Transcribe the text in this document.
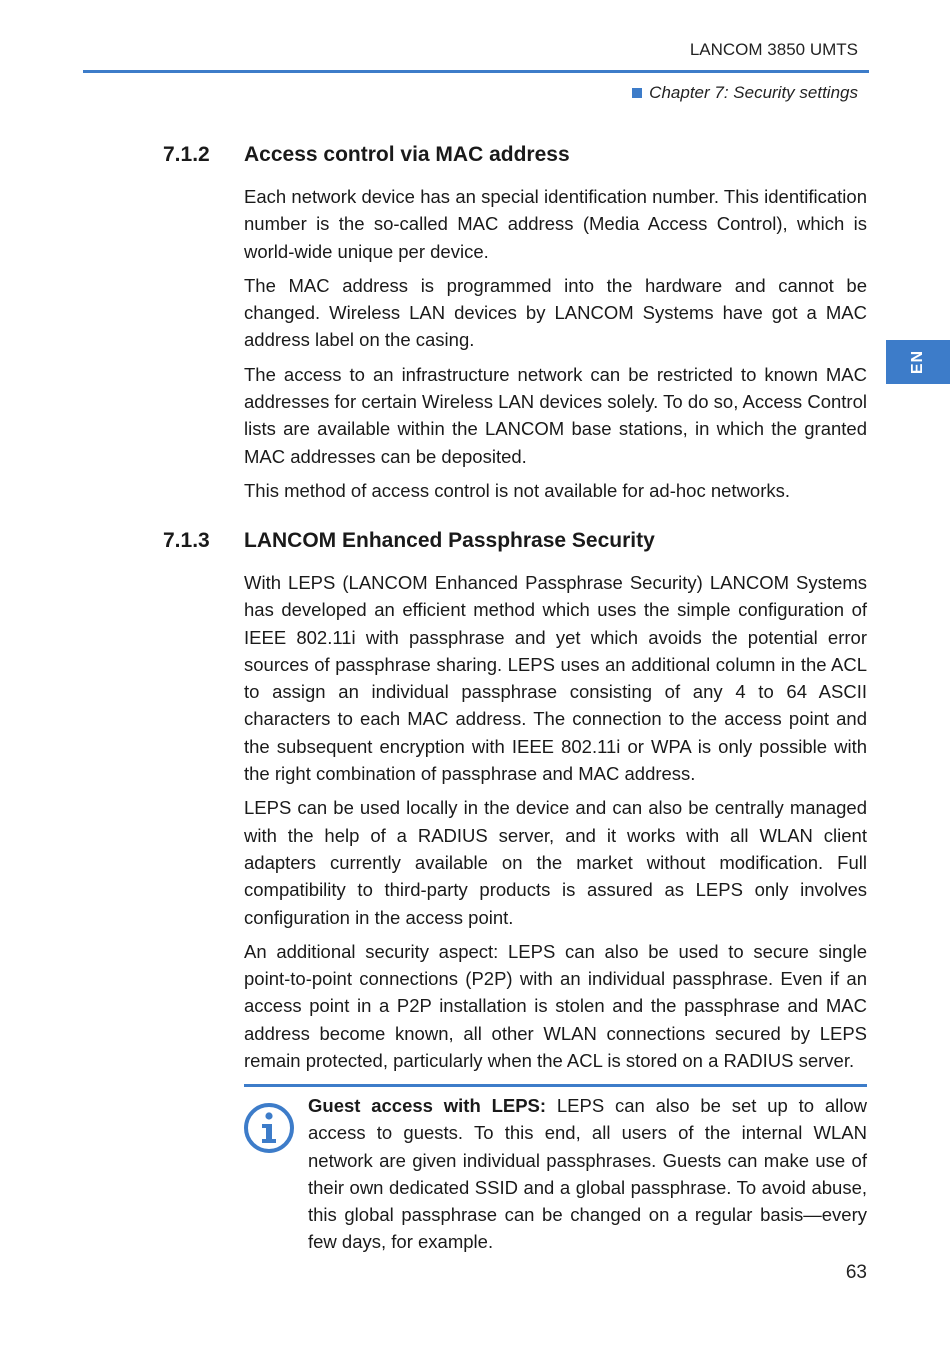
LANCOM 3850 UMTS
Chapter 7: Security settings
EN
7.1.2 Access control via MAC address

Each network device has an special identification number. This identification number is the so-called MAC address (Media Access Control), which is world-wide unique per device.

The MAC address is programmed into the hardware and cannot be changed. Wireless LAN devices by LANCOM Systems have got a MAC address label on the casing.

The access to an infrastructure network can be restricted to known MAC addresses for certain Wireless LAN devices solely. To do so, Access Control lists are available within the LANCOM base stations, in which the granted MAC addresses can be deposited.

This method of access control is not available for ad-hoc networks.

7.1.3 LANCOM Enhanced Passphrase Security

With LEPS (LANCOM Enhanced Passphrase Security) LANCOM Systems has developed an efficient method which uses the simple configuration of IEEE 802.11i with passphrase and yet which avoids the potential error sources of passphrase sharing. LEPS uses an additional column in the ACL to assign an individual passphrase consisting of any 4 to 64 ASCII characters to each MAC address. The connection to the access point and the subsequent encryption with IEEE 802.11i or WPA is only possible with the right combination of passphrase and MAC address.

LEPS can be used locally in the device and can also be centrally managed with the help of a RADIUS server, and it works with all WLAN client adapters currently available on the market without modification. Full compatibility to third-party products is assured as LEPS only involves configuration in the access point.

An additional security aspect: LEPS can also be used to secure single point-to-point connections (P2P) with an individual passphrase. Even if an access point in a P2P installation is stolen and the passphrase and MAC address become known, all other WLAN connections secured by LEPS remain protected, particularly when the ACL is stored on a RADIUS server.

Guest access with LEPS: LEPS can also be set up to allow access to guests. To this end, all users of the internal WLAN network are given individual passphrases. Guests can make use of their own dedicated SSID and a global passphrase. To avoid abuse, this global passphrase can be changed on a regular basis—every few days, for example.
63
